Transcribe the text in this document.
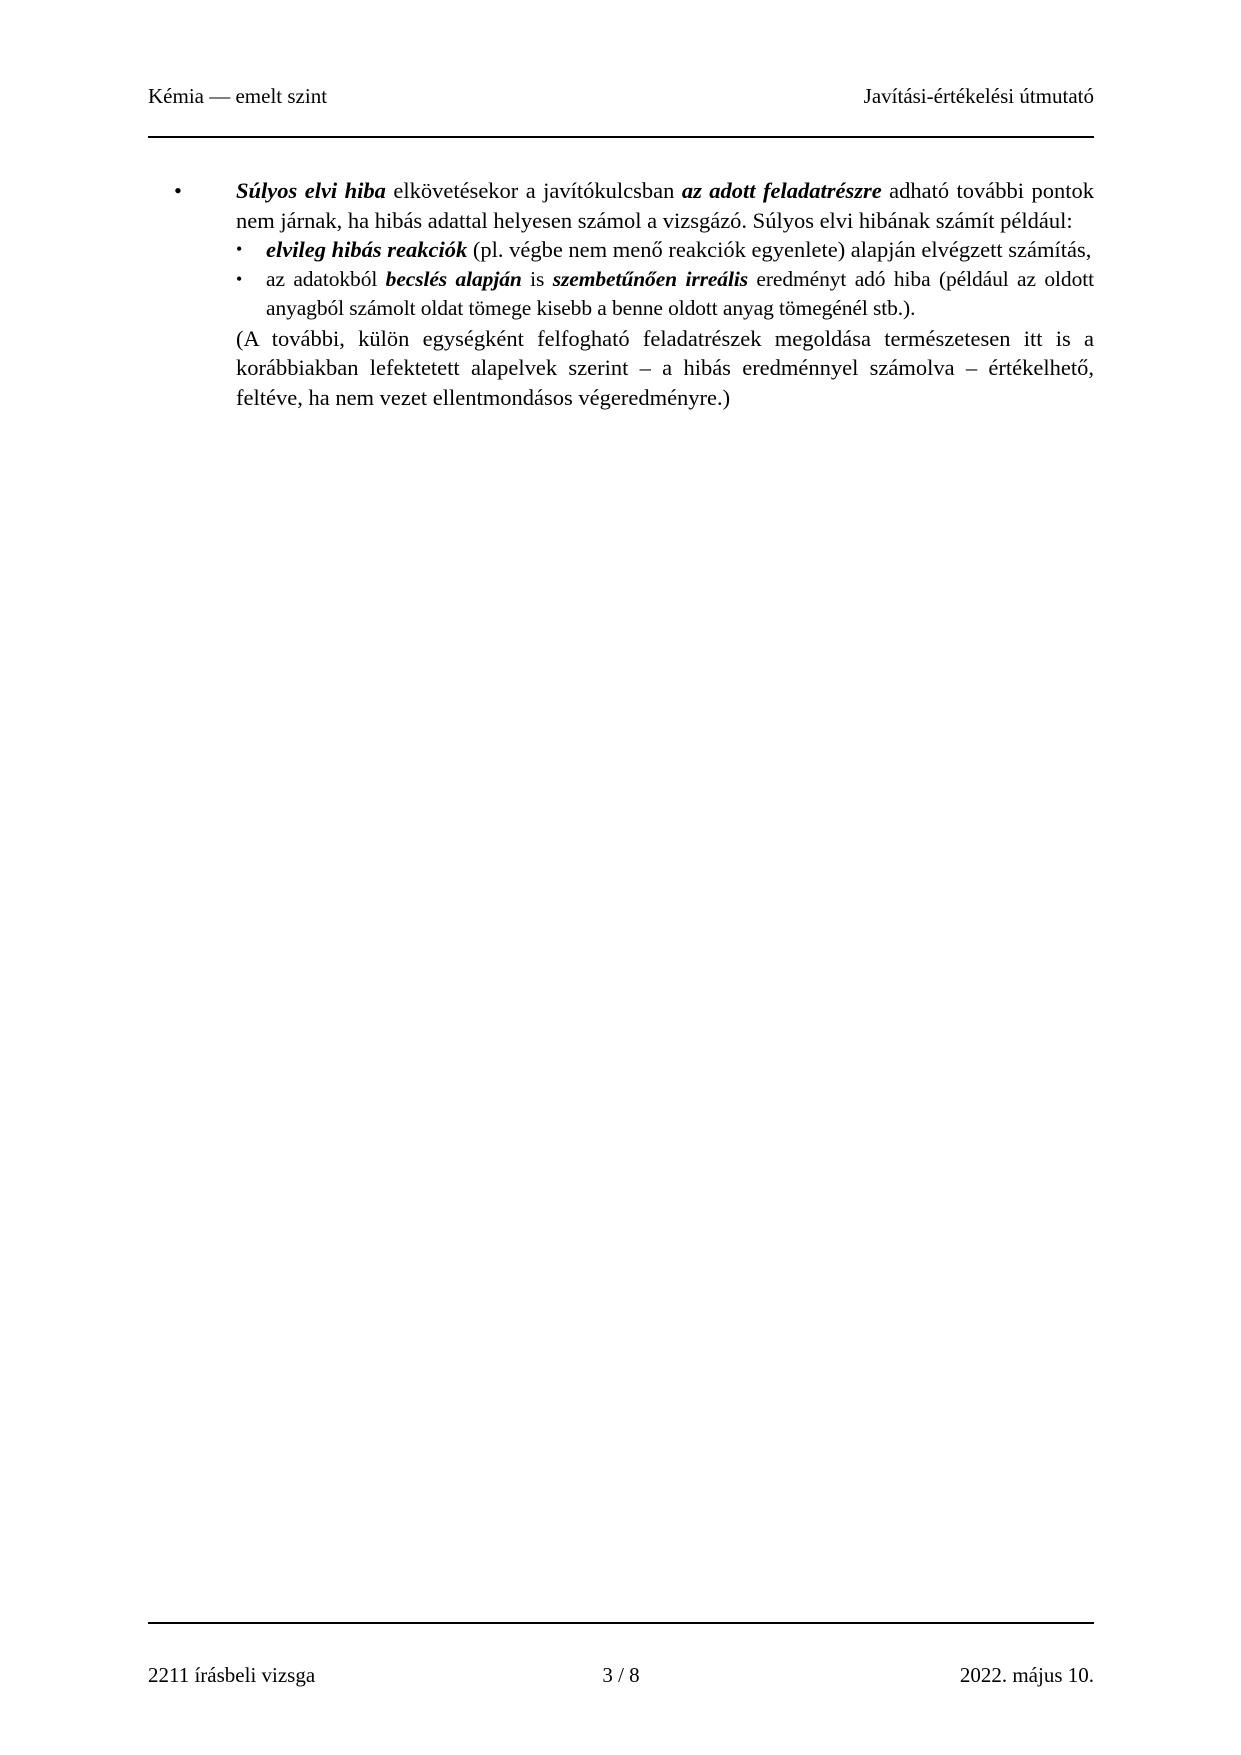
Kémia — emelt szint	Javítási-értékelési útmutató
• Súlyos elvi hiba elkövetésekor a javítókulcsban az adott feladatrészre adható további pontok nem járnak, ha hibás adattal helyesen számol a vizsgázó. Súlyos elvi hibának számít például:
• elvileg hibás reakciók (pl. végbe nem menő reakciók egyenlete) alapján elvégzett számítás,
• az adatokból becslés alapján is szembetűnően irreális eredményt adó hiba (például az oldott anyagból számolt oldat tömege kisebb a benne oldott anyag tömegénél stb.).
(A további, külön egységként felfogható feladatrészek megoldása természetesen itt is a korábbiakban lefektetett alapelvek szerint – a hibás eredménnyel számolva – értékelhető, feltéve, ha nem vezet ellentmondásos végeredményre.)
2211 írásbeli vizsga	3 / 8	2022. május 10.
